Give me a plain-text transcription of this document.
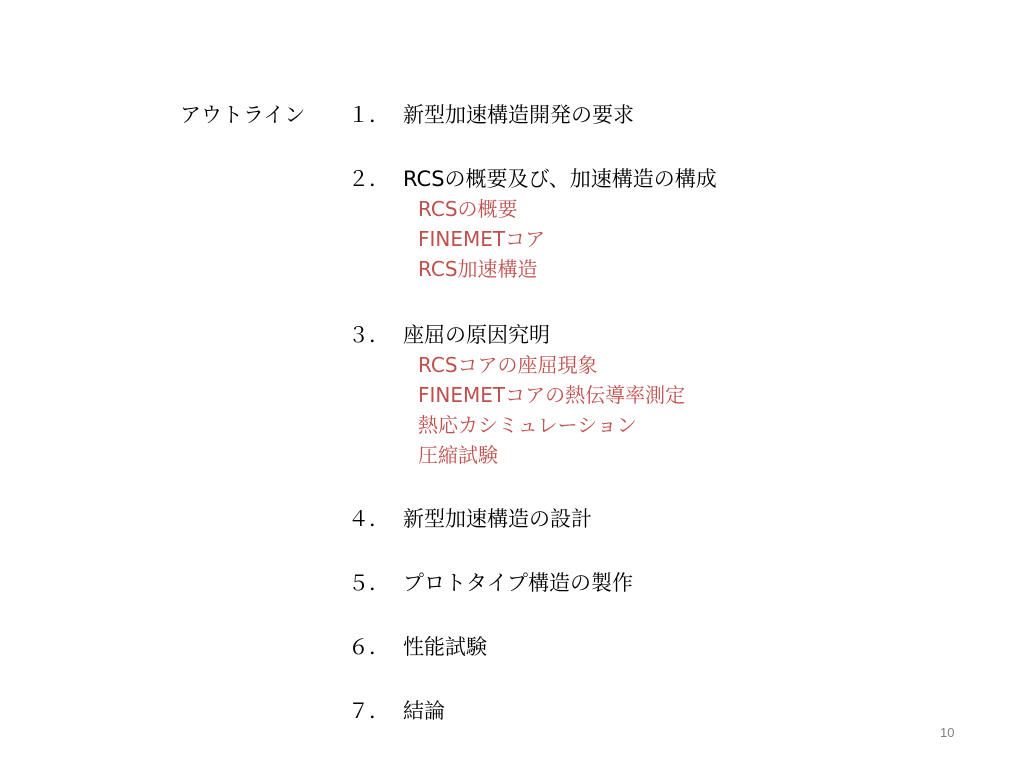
アウトライン １． 新型加速構造開発の要求
２． RCSの概要及び、加速構造の構成
RCSの概要
FINEMETコア
RCS加速構造
３． 座屈の原因究明
RCSコアの座屈現象
FINEMETコアの熱伝導率測定
熱応カシミュレーション
圧縮試験
４． 新型加速構造の設計
５． プロトタイプ構造の製作
６． 性能試験
７． 結論
10
